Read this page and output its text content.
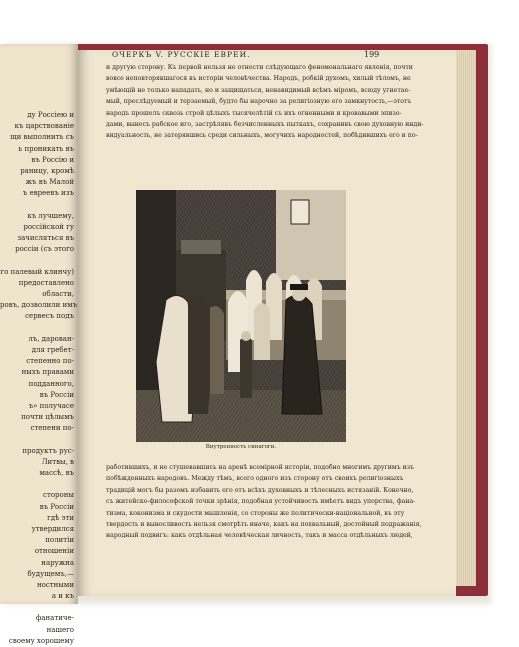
ду Россiею и
къ царствованiе
щи выполнить съ
ь проникать въ
въ Россiю и
раницу, кромѣ
жъ въ Малой
ъ евреевъ изъ
къ лучшему,
россiйской гу
зачисляться въ
россiи (съ этого
го палевый клинчу)
предоставлено
области,
ровъ, дозволили имъ
сервесъ подъ
лъ, дарован-
для гребет-
степенно по-
ныхъ правами
подданного,
въ Россiи
ъ» получасе
почти цѣлымъ
степени по-
продуктъ рус-
Литвы, в
массѣ, въ
стороны
въ Россiи
гдѣ эти
утвердился
политiи
отношенiи
наружна
будущемъ,—
ностными
а и къ
фанатиче-
нашего
своему хорошему
ОЧЕРКЪ V. РУССКIЕ ЕВРЕИ.	199
и другую сторону. Къ первой нельзя не отнести слѣдующаго феноменальнаго явленiя, почти
вовсе неповторявшагося въ исторiи человѣчества. Народъ, робкiй духомъ, хилый тѣломъ, не
умѣющiй не только нападать, но и защищаться, ненавидимый всѣмъ мiромъ, всюду угнетае-
мый, преслѣдуемый и терзаемый, будто бы нарочно за религiозную его замкнутость,—этотъ
народъ прошелъ сквозь строй цѣлыхъ тысячелѣтiй съ ихъ огненными и кровавыми эпизо-
дами, вынесъ рабское иго, застрѣлявъ безчисленныхъ пыткахъ, сохранивъ свою духовную инди-
видуальность, не затерявшись среди сильныхъ, могучихъ народностей, побѣдившихъ его и по-
Внутренность синагоги.
работившихъ, и не стушевавшись на аренѣ всемiрной исторiи, подобно многимъ другимъ изъ
побѣжденныхъ народовъ. Между тѣмъ, всего одного изъ сторону отъ своихъ религiозныхъ
традицiй могъ бы разомъ избавить его отъ всѣхъ духовныхъ и тѣлесныхъ истязанiй. Конечно,
съ житейско-философской точки зрѣнiя, подобная устойчивость имѣетъ видъ упорства, фана-
тизма, коконизма и скудости мышленiя, со стороны же политически-нацiональной, въ эту
твердость и выносливость нельзя смотрѣть иначе, какъ на похвальный, достойный подражанiя,
народный подвигъ: какъ отдѣльная человѣческая личность, такъ и масса отдѣльныхъ людей,
